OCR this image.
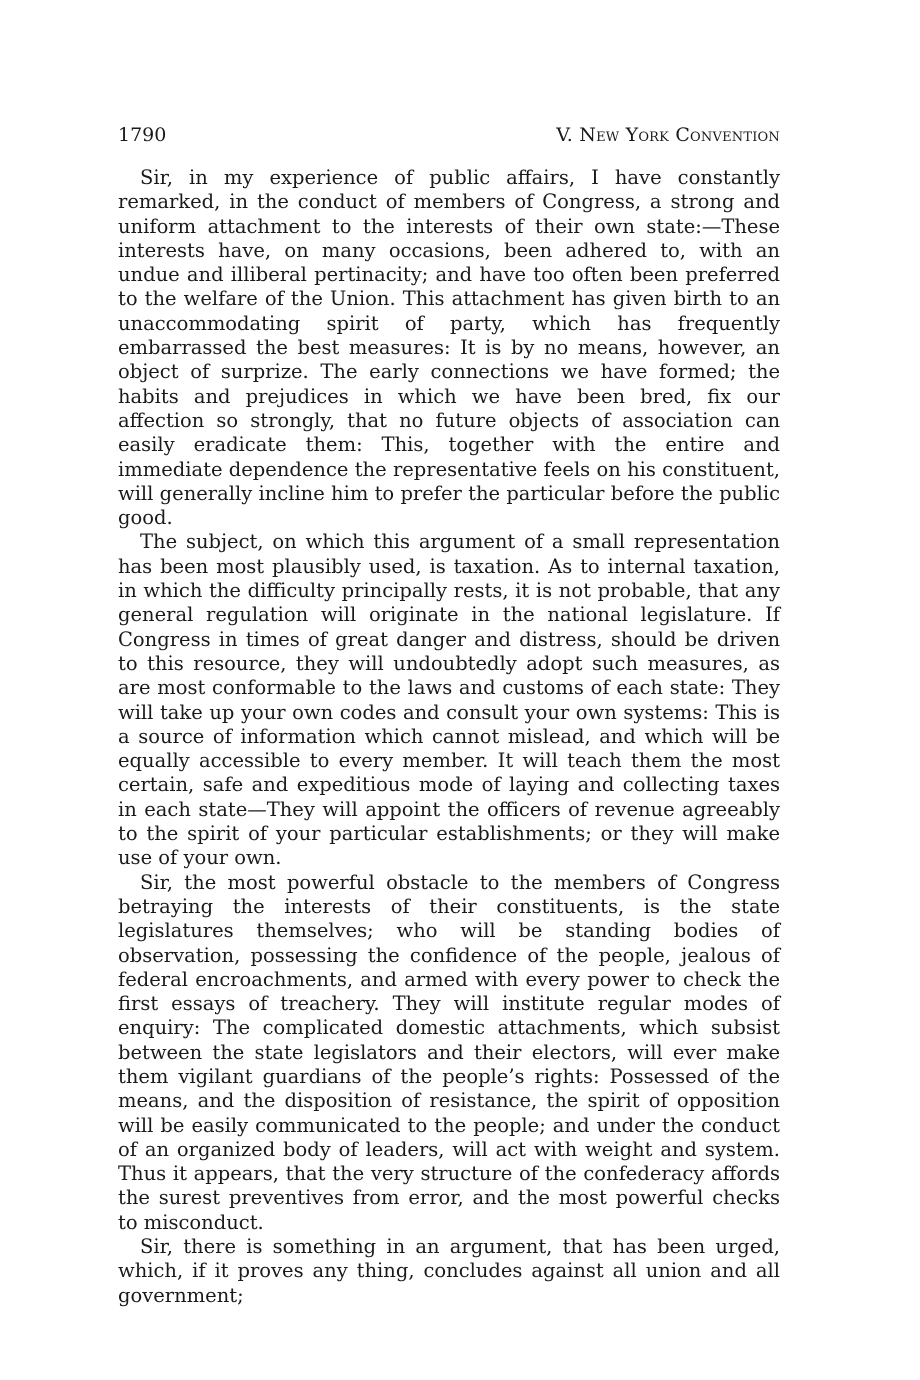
1790	V. New York Convention

Sir, in my experience of public affairs, I have constantly remarked, in the conduct of members of Congress, a strong and uniform attachment to the interests of their own state:—These interests have, on many occasions, been adhered to, with an undue and illiberal pertinacity; and have too often been preferred to the welfare of the Union. This attachment has given birth to an unaccommodating spirit of party, which has frequently embarrassed the best measures: It is by no means, however, an object of surprize. The early connections we have formed; the habits and prejudices in which we have been bred, fix our affection so strongly, that no future objects of association can easily eradicate them: This, together with the entire and immediate dependence the representative feels on his constituent, will generally incline him to prefer the particular before the public good.

The subject, on which this argument of a small representation has been most plausibly used, is taxation. As to internal taxation, in which the difficulty principally rests, it is not probable, that any general regulation will originate in the national legislature. If Congress in times of great danger and distress, should be driven to this resource, they will undoubtedly adopt such measures, as are most conformable to the laws and customs of each state: They will take up your own codes and consult your own systems: This is a source of information which cannot mislead, and which will be equally accessible to every member. It will teach them the most certain, safe and expeditious mode of laying and collecting taxes in each state—They will appoint the officers of revenue agreeably to the spirit of your particular establishments; or they will make use of your own.

Sir, the most powerful obstacle to the members of Congress betraying the interests of their constituents, is the state legislatures themselves; who will be standing bodies of observation, possessing the confidence of the people, jealous of federal encroachments, and armed with every power to check the first essays of treachery. They will institute regular modes of enquiry: The complicated domestic attachments, which subsist between the state legislators and their electors, will ever make them vigilant guardians of the people’s rights: Possessed of the means, and the disposition of resistance, the spirit of opposition will be easily communicated to the people; and under the conduct of an organized body of leaders, will act with weight and system. Thus it appears, that the very structure of the confederacy affords the surest preventives from error, and the most powerful checks to misconduct.

Sir, there is something in an argument, that has been urged, which, if it proves any thing, concludes against all union and all government;
